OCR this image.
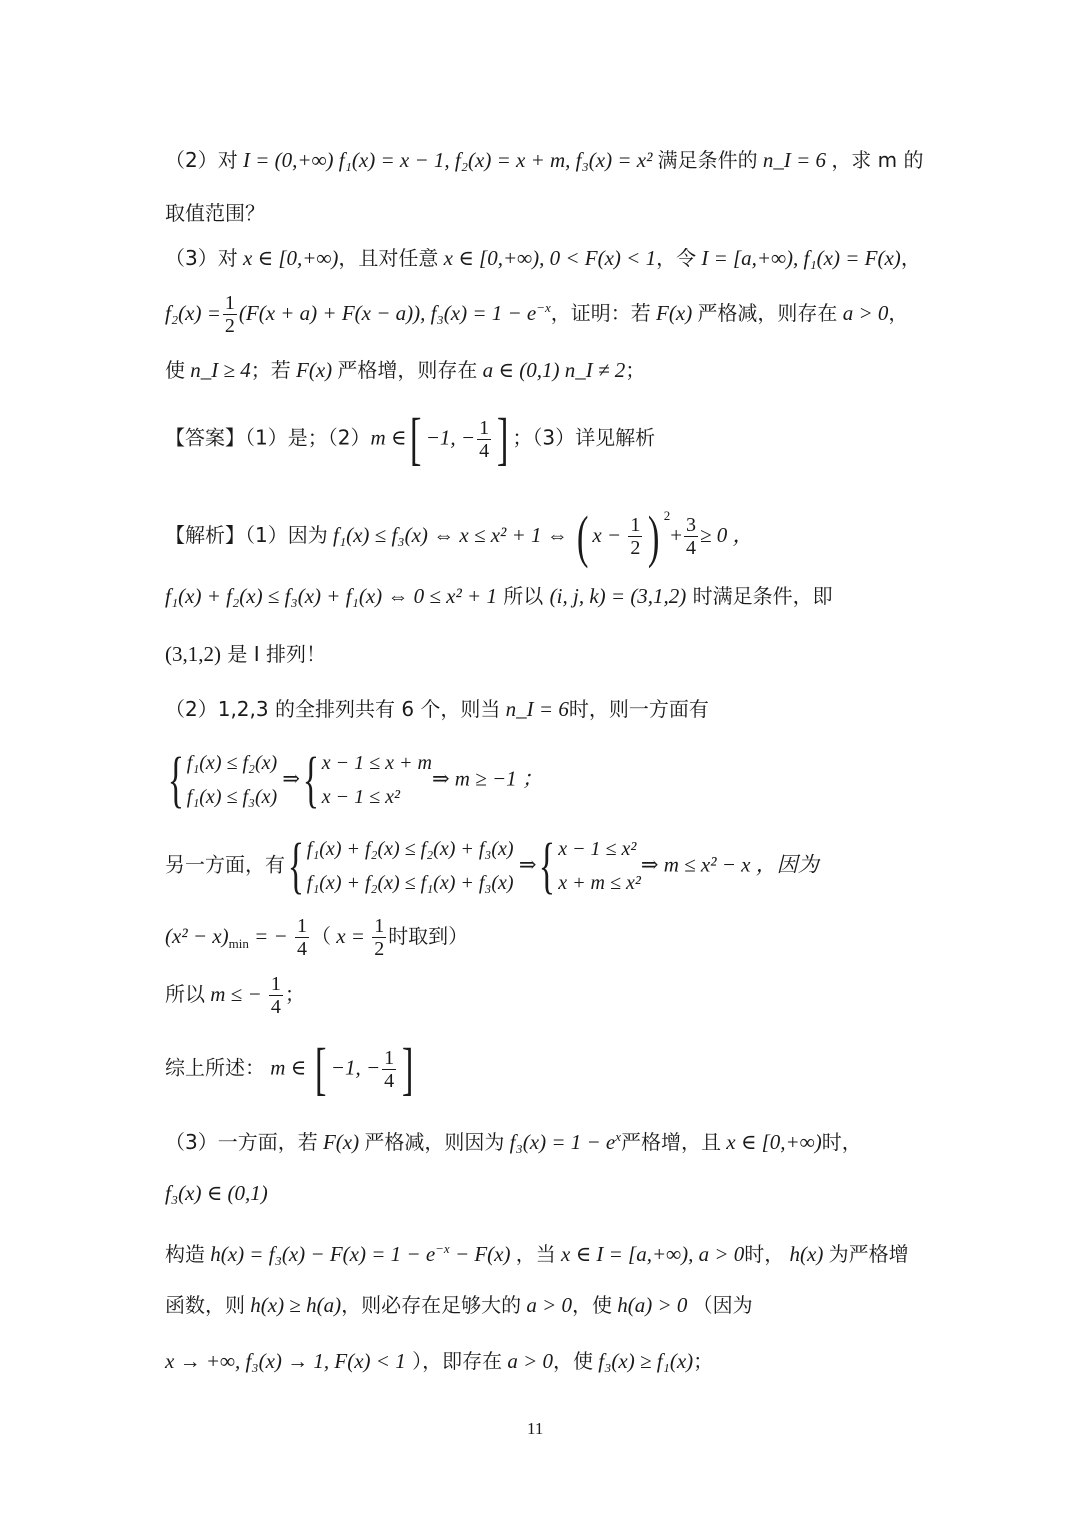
（2）对 I = (0,+∞) f₁(x) = x − 1, f₂(x) = x + m, f₃(x) = x² 满足条件的 n_I = 6 ，求 m 的
取值范围？
（3）对 x ∈ [0,+∞)，且对任意 x ∈ [0,+∞), 0 < F(x) < 1，令 I = [a,+∞), f₁(x) = F(x)，
$f_2(x) = \frac{1}{2} (F(x + a) + F(x - a))$, $f_3(x) = 1 - e^{-x}$，证明：若 F(x) 严格减，则存在 a > 0，
使 n_I ≥ 4；若 F(x) 严格增，则存在 a ∈ (0,1) n_I ≠ 2；
【答案】（1）是；（2）m ∈[ −1, − $\frac{1}{4}$ ] ；（3）详见解析
【解析】（1）因为 f₁(x) ≤ f₃(x) ⇔ x ≤ x² + 1 ⇔ ( $x - \frac{1}{2}$ ) $^2+ \frac{3}{4} \ge 0$ ，
f₁(x) + f₂(x) ≤ f₃(x) + f₁(x) ⇔ 0 ≤ x² + 1 所以 (i, j, k) = (3,1,2) 时满足条件，即
(3,1,2) 是 I 排列！
（2）1,2,3 的全排列共有 6 个，则当 n_I = 6时，则一方面有
{ f₁(x) ≤ f₂(x)
f₁(x) ≤ f₃(x)
⇒{ x − 1 ≤ x + m
x − 1 ≤ x²
⇒ m ≥ −1 ；
另一方面，有{ f₁(x) + f₂(x) ≤ f₂(x) + f₃(x)
f₁(x) + f₂(x) ≤ f₁(x) + f₃(x)
⇒{ x − 1 ≤ x²
x + m ≤ x²
⇒ m ≤ x² − x ，因为
$(x^2 - x)_{min}$ = − $\frac{1}{4}$ （ $x = \frac{1}{2}$ 时取到）
所以 m ≤ − $\frac{1}{4}$ ；
综上所述： m ∈ [ −1, − $\frac{1}{4}$ ]
（3）一方面，若 F(x) 严格减，则因为 $f_3(x) = 1 - e^x$严格增，且 x ∈ [0,+∞)时，
f₃(x) ∈ (0,1)
构造 $h(x) = f_3(x) - F(x) = 1 - e^{-x} - F(x)$ ，当 x ∈ I = [a,+∞), a > 0时， h(x) 为严格增
函数，则 h(x) ≥ h(a)，则必存在足够大的 a > 0，使 h(a) > 0 （因为
x → +∞, f₃(x) → 1, F(x) < 1 ），即存在 a > 0，使 f₃(x) ≥ f₁(x)；
11
